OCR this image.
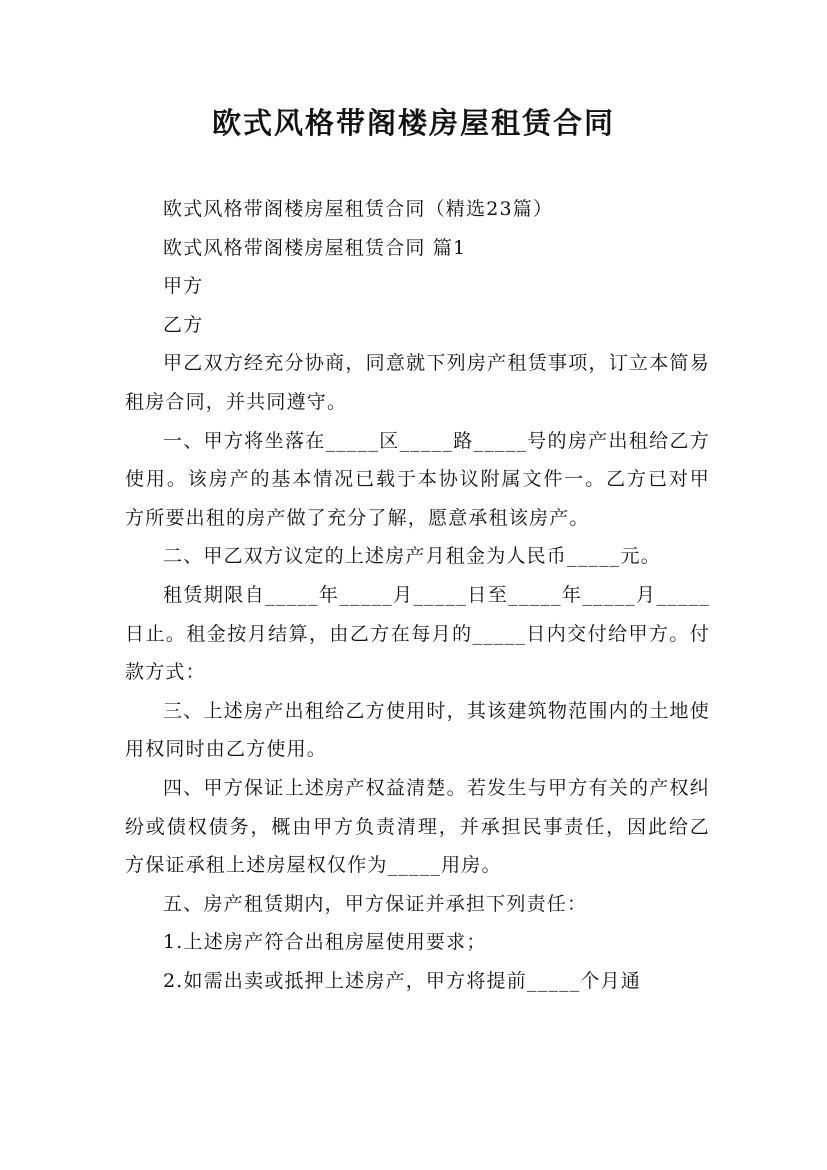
欧式风格带阁楼房屋租赁合同

欧式风格带阁楼房屋租赁合同（精选23篇）

欧式风格带阁楼房屋租赁合同 篇1

甲方

乙方

甲乙双方经充分协商，同意就下列房产租赁事项，订立本简易租房合同，并共同遵守。

一、甲方将坐落在_____区_____路_____号的房产出租给乙方使用。该房产的基本情况已载于本协议附属文件一。乙方已对甲方所要出租的房产做了充分了解，愿意承租该房产。

二、甲乙双方议定的上述房产月租金为人民币_____元。

租赁期限自_____年_____月_____日至_____年_____月_____日止。租金按月结算，由乙方在每月的_____日内交付给甲方。付款方式：

三、上述房产出租给乙方使用时，其该建筑物范围内的土地使用权同时由乙方使用。

四、甲方保证上述房产权益清楚。若发生与甲方有关的产权纠纷或债权债务，概由甲方负责清理，并承担民事责任，因此给乙方保证承租上述房屋权仅作为_____用房。

五、房产租赁期内，甲方保证并承担下列责任：

1.上述房产符合出租房屋使用要求；

2.如需出卖或抵押上述房产，甲方将提前_____个月通
